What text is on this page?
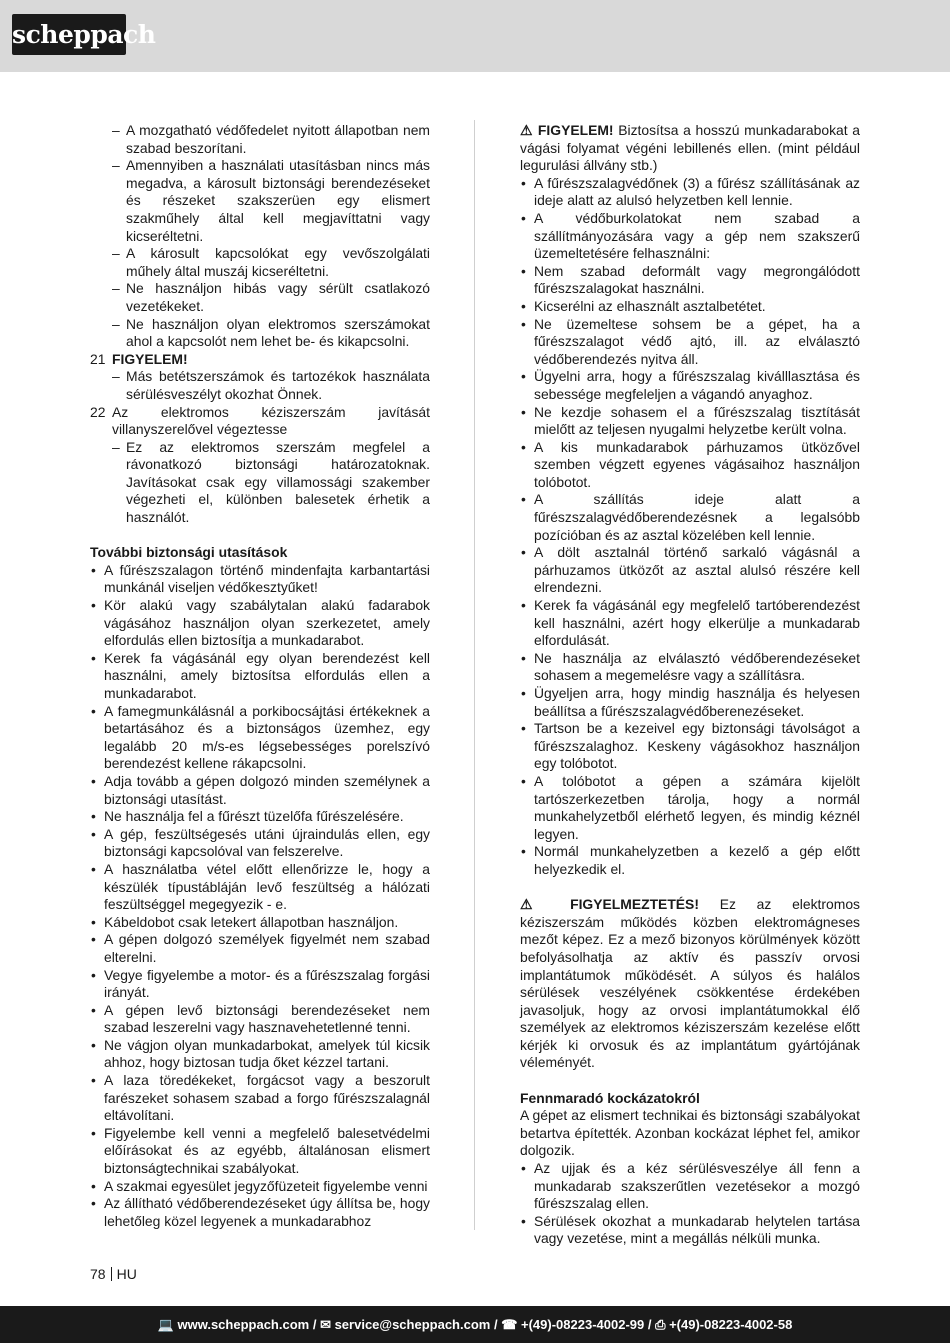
scheppach
– A mozgatható védőfedelet nyitott állapotban nem szabad beszorítani.
– Amennyiben a használati utasításban nincs más megadva, a károsult biztonsági berendezéseket és részeket szakszerüen egy elismert szakműhely által kell megjavíttatni vagy kicseréltetni.
– A károsult kapcsolókat egy vevőszolgálati műhely által muszáj kicseréltetni.
– Ne használjon hibás vagy sérült csatlakozó vezetékeket.
– Ne használjon olyan elektromos szerszámokat ahol a kapcsolót nem lehet be- és kikapcsolni.
21 FIGYELEM!
– Más betétszerszámok és tartozékok használata sérülésveszélyt okozhat Önnek.
22 Az elektromos kéziszerszám javítását villanyszerelővel végeztesse
– Ez az elektromos szerszám megfelel a rávonatkozó biztonsági határozatoknak. Javításokat csak egy villamossági szakember végezheti el, különben balesetek érhetik a használót.
További biztonsági utasítások
• A fűrészszalagon történő mindenfajta karbantartási munkánál viseljen védőkesztyűket!
• Kör alakú vagy szabálytalan alakú fadarabok vágásához használjon olyan szerkezetet, amely elfordulás ellen biztosítja a munkadarabot.
• Kerek fa vágásánál egy olyan berendezést kell használni, amely biztosítsa elfordulás ellen a munkadarabot.
• A famegmunkálásnál a porkibocsájtási értékeknek a betartásához és a biztonságos üzemhez, egy legalább 20 m/s-es légsebességes porelszívó berendezést kellene rákapcsolni.
• Adja tovább a gépen dolgozó minden személynek a biztonsági utasítást.
• Ne használja fel a fűrészt tüzelőfa fűrészelésére.
• A gép, feszültségesés utáni újraindulás ellen, egy biztonsági kapcsolóval van felszerelve.
• A használatba vétel előtt ellenőrizze le, hogy a készülék típustábláján levő feszültség a hálózati feszültséggel megegyezik - e.
• Kábeldobot csak letekert állapotban használjon.
• A gépen dolgozó személyek figyelmét nem szabad elterelni.
• Vegye figyelembe a motor- és a fűrészszalag forgási irányát.
• A gépen levő biztonsági berendezéseket nem szabad leszerelni vagy hasznavehetetlenné tenni.
• Ne vágjon olyan munkadarbokat, amelyek túl kicsik ahhoz, hogy biztosan tudja őket kézzel tartani.
• A laza töredékeket, forgácsot vagy a beszorult farészeket sohasem szabad a forgo fűrészszalagnál eltávolítani.
• Figyelembe kell venni a megfelelő balesetvédelmi előírásokat és az egyébb, általánosan elismert biztonságtechnikai szabályokat.
• A szakmai egyesület jegyzőfüzeteit figyelembe venni
• Az állítható védőberendezéseket úgy állítsa be, hogy lehetőleg közel legyenek a munkadarabhoz
⚠ FIGYELEM! Biztosítsa a hosszú munkadarabokat a vágási folyamat végéni lebillenés ellen. (mint például legurulási állvány stb.)
• A fűrészszalagvédőnek (3) a fűrész szállításának az ideje alatt az alulsó helyzetben kell lennie.
• A védőburkolatokat nem szabad a szállítmányozására vagy a gép nem szakszerű üzemeltetésére felhasználni:
• Nem szabad deformált vagy megrongálódott fűrészszalagokat használni.
• Kicserélni az elhasznált asztalbetétet.
• Ne üzemeltese sohsem be a gépet, ha a fűrészszalagot védő ajtó, ill. az elválasztó védőberendezés nyitva áll.
• Ügyelni arra, hogy a fűrészszalag kiválllasztása és sebessége megfeleljen a vágandó anyaghoz.
• Ne kezdje sohasem el a fűrészszalag tisztítását mielőtt az teljesen nyugalmi helyzetbe került volna.
• A kis munkadarabok párhuzamos ütközővel szemben végzett egyenes vágásaihoz használjon tolóbotot.
• A szállítás ideje alatt a fűrészszalagvédőberendezésnek a legalsóbb pozícióban és az asztal közelében kell lennie.
• A dölt asztalnál történő sarkaló vágásnál a párhuzamos ütközőt az asztal alulsó részére kell elrendezni.
• Kerek fa vágásánál egy megfelelő tartóberendezést kell használni, azért hogy elkerülje a munkadarab elfordulását.
• Ne használja az elválasztó védőberendezéseket sohasem a megemelésre vagy a szállításra.
• Ügyeljen arra, hogy mindig használja és helyesen beállítsa a fűrészszalagvédőberenezéseket.
• Tartson be a kezeivel egy biztonsági távolságot a fűrészszalaghoz. Keskeny vágásokhoz használjon egy tolóbotot.
• A tolóbotot a gépen a számára kijelölt tartószerkezetben tárolja, hogy a normál munkahelyzetből elérhető legyen, és mindig kéznél legyen.
• Normál munkahelyzetben a kezelő a gép előtt helyezkedik el.
⚠ FIGYELMEZTETÉS! Ez az elektromos kéziszerszám működés közben elektromágneses mezőt képez. Ez a mező bizonyos körülmények között befolyásolhatja az aktív és passzív orvosi implantátumok működését. A súlyos és halálos sérülések veszélyének csökkentése érdekében javasoljuk, hogy az orvosi implantátumokkal élő személyek az elektromos kéziszerszám kezelése előtt kérjék ki orvosuk és az implantátum gyártójának véleményét.
Fennmaradó kockázatokról
A gépet az elismert technikai és biztonsági szabályokat betartva építették. Azonban kockázat léphet fel, amikor dolgozik.
• Az ujjak és a kéz sérülésveszélye áll fenn a munkadarab szakszerűtlen vezetésekor a mozgó fűrészszalag ellen.
• Sérülések okozhat a munkadarab helytelen tartása vagy vezetése, mint a megállás nélküli munka.
78 HU
💻 www.scheppach.com / ✉ service@scheppach.com / ☎ +(49)-08223-4002-99 / ⎙ +(49)-08223-4002-58
